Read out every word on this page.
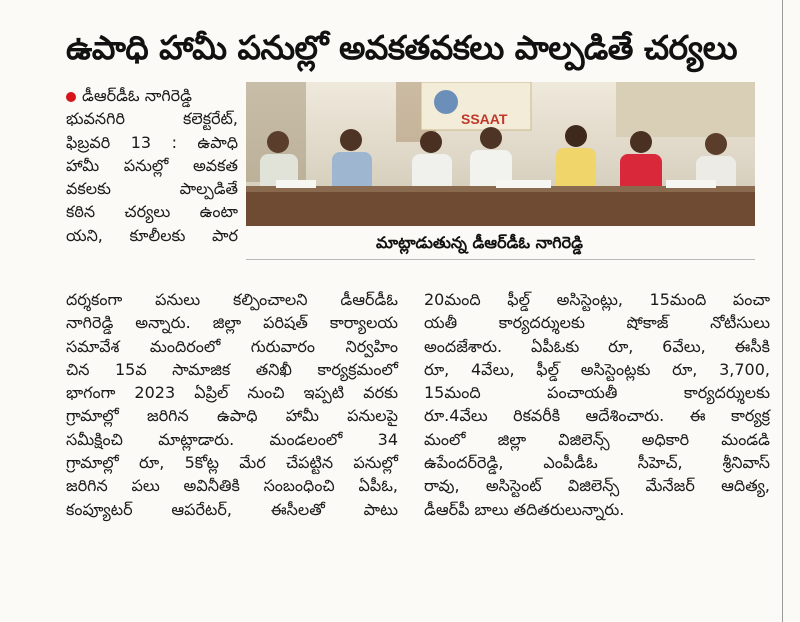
ఉపాధి హామీ పనుల్లో అవకతవకలు పాల్పడితే చర్యలు

డీఆర్‌డీఓ నాగిరెడ్డి

భువనగిరి కలెక్టరేట్,

ఫిబ్రవరి 13 : ఉపాధి

హామీ పనుల్లో అవకత

వకలకు పాల్పడితే

కఠిన చర్యలు ఉంటా

యని, కూలీలకు పార

SSAAT
మాట్లాడుతున్న డీఆర్‌డీఓ నాగిరెడ్డి
దర్శకంగా పనులు కల్పించాలని డీఆర్‌డీఓ
నాగిరెడ్డి అన్నారు. జిల్లా పరిషత్ కార్యాలయ
సమావేశ మందిరంలో గురువారం నిర్వహిం
చిన 15వ సామాజిక తనిఖీ కార్యక్రమంలో
భాగంగా 2023 ఏప్రిల్ నుంచి ఇప్పటి వరకు
గ్రామాల్లో జరిగిన ఉపాధి హామీ పనులపై
సమీక్షించి మాట్లాడారు. మండలంలో 34
గ్రామాల్లో రూ, 5కోట్ల మేర చేపట్టిన పనుల్లో
జరిగిన పలు అవినీతికి సంబంధించి ఏపీఓ,
కంప్యూటర్ ఆపరేటర్, ఈసీలతో పాటు
20మంది ఫీల్డ్ అసిస్టెంట్లు, 15మంది పంచా
యతీ కార్యదర్శులకు షోకాజ్ నోటీసులు
అందజేశారు. ఏపీఓకు రూ, 6వేలు, ఈసీకి
రూ, 4వేలు, ఫీల్డ్ అసిస్టెంట్లకు రూ, 3,700,
15మంది పంచాయతీ కార్యదర్శులకు
రూ.4వేలు రికవరీకి ఆదేశించారు. ఈ కార్యక్ర
మంలో జిల్లా విజిలెన్స్ అధికారి మండడి
ఉపేందర్‌రెడ్డి, ఎంపీడీఓ సీహెచ్, శ్రీనివాస్
రావు, అసిస్టెంట్ విజిలెన్స్ మేనేజర్ ఆదిత్య,
డీఆర్‌పీ బాలు తదితరులున్నారు.
